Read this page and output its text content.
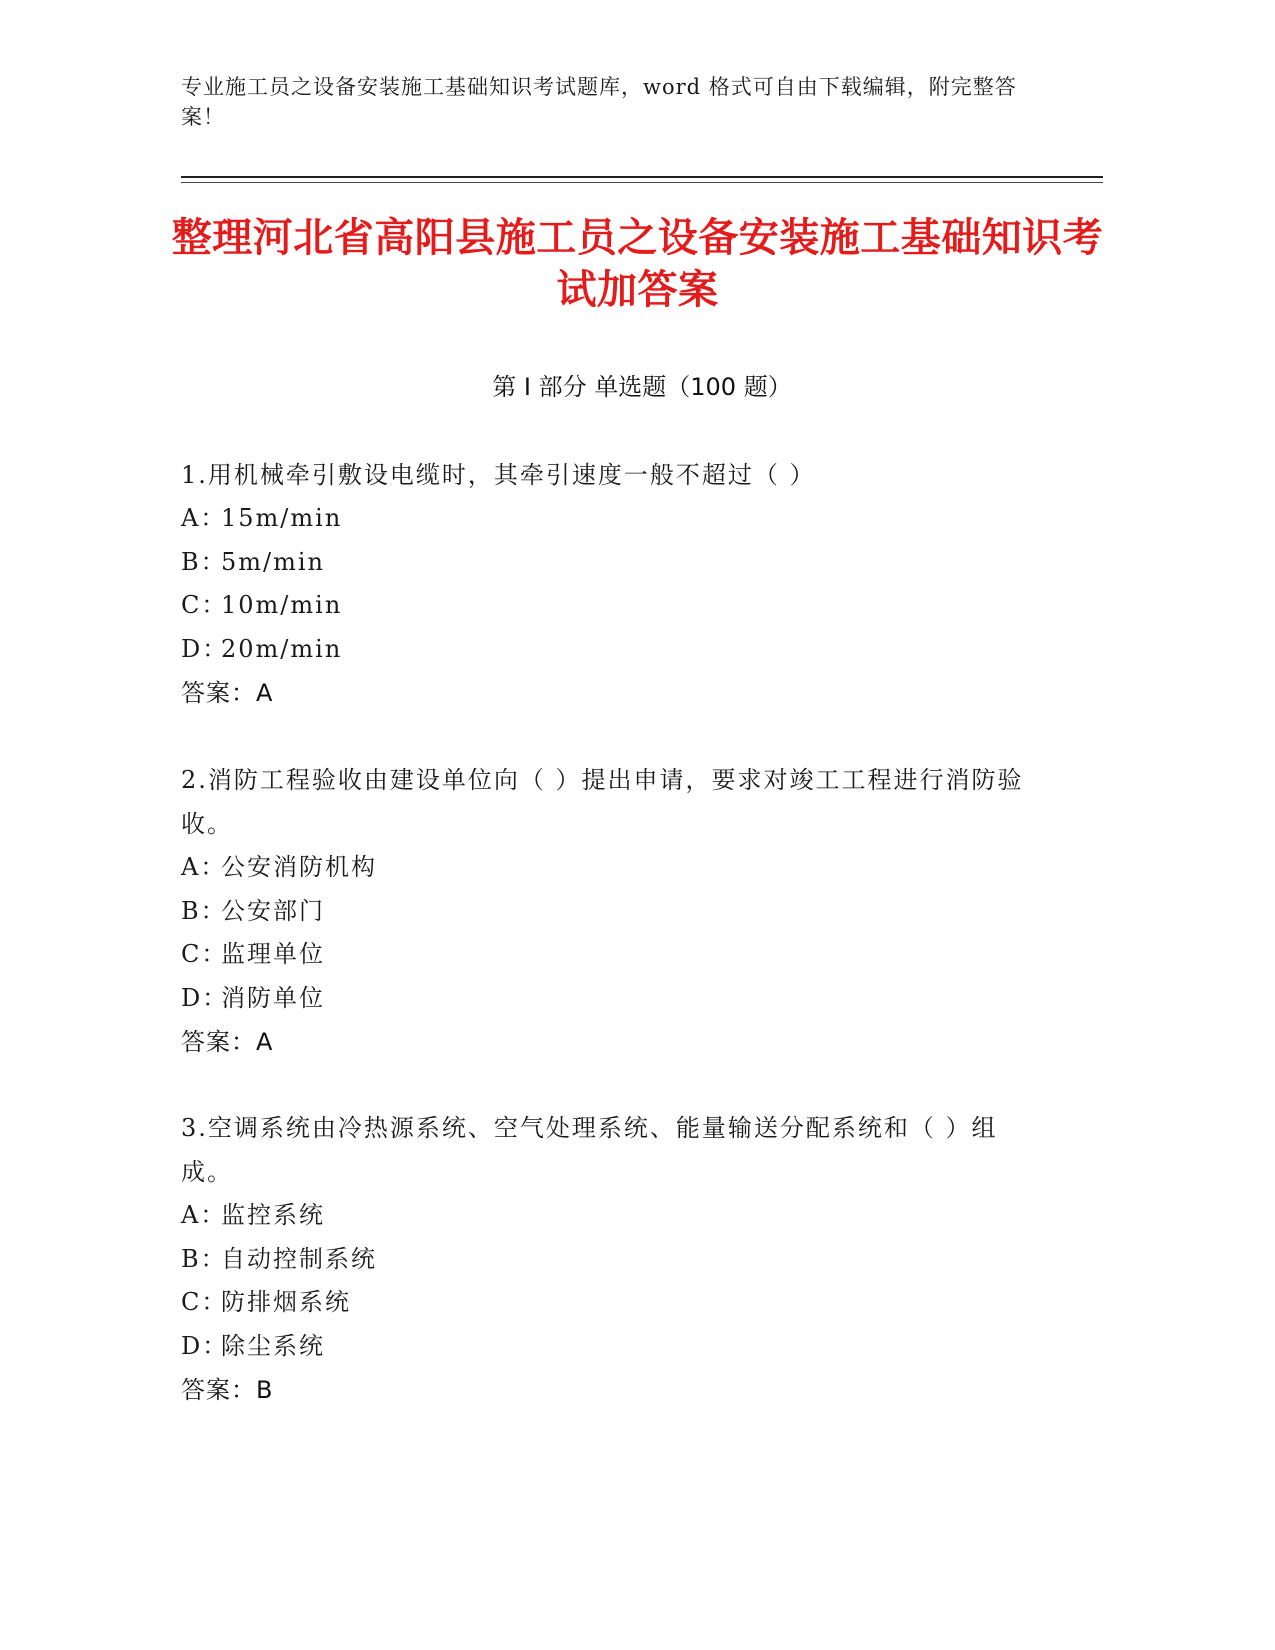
专业施工员之设备安装施工基础知识考试题库，word 格式可自由下载编辑，附完整答案！
整理河北省高阳县施工员之设备安装施工基础知识考试加答案
第 I 部分 单选题（100 题）

1.用机械牵引敷设电缆时，其牵引速度一般不超过（ ）

A：15m/min

B：5m/min

C：10m/min

D：20m/min

答案：A

2.消防工程验收由建设单位向（ ）提出申请，要求对竣工工程进行消防验收。

A：公安消防机构

B：公安部门

C：监理单位

D：消防单位

答案：A

3.空调系统由冷热源系统、空气处理系统、能量输送分配系统和（ ）组成。

A：监控系统

B：自动控制系统

C：防排烟系统

D：除尘系统

答案：B
